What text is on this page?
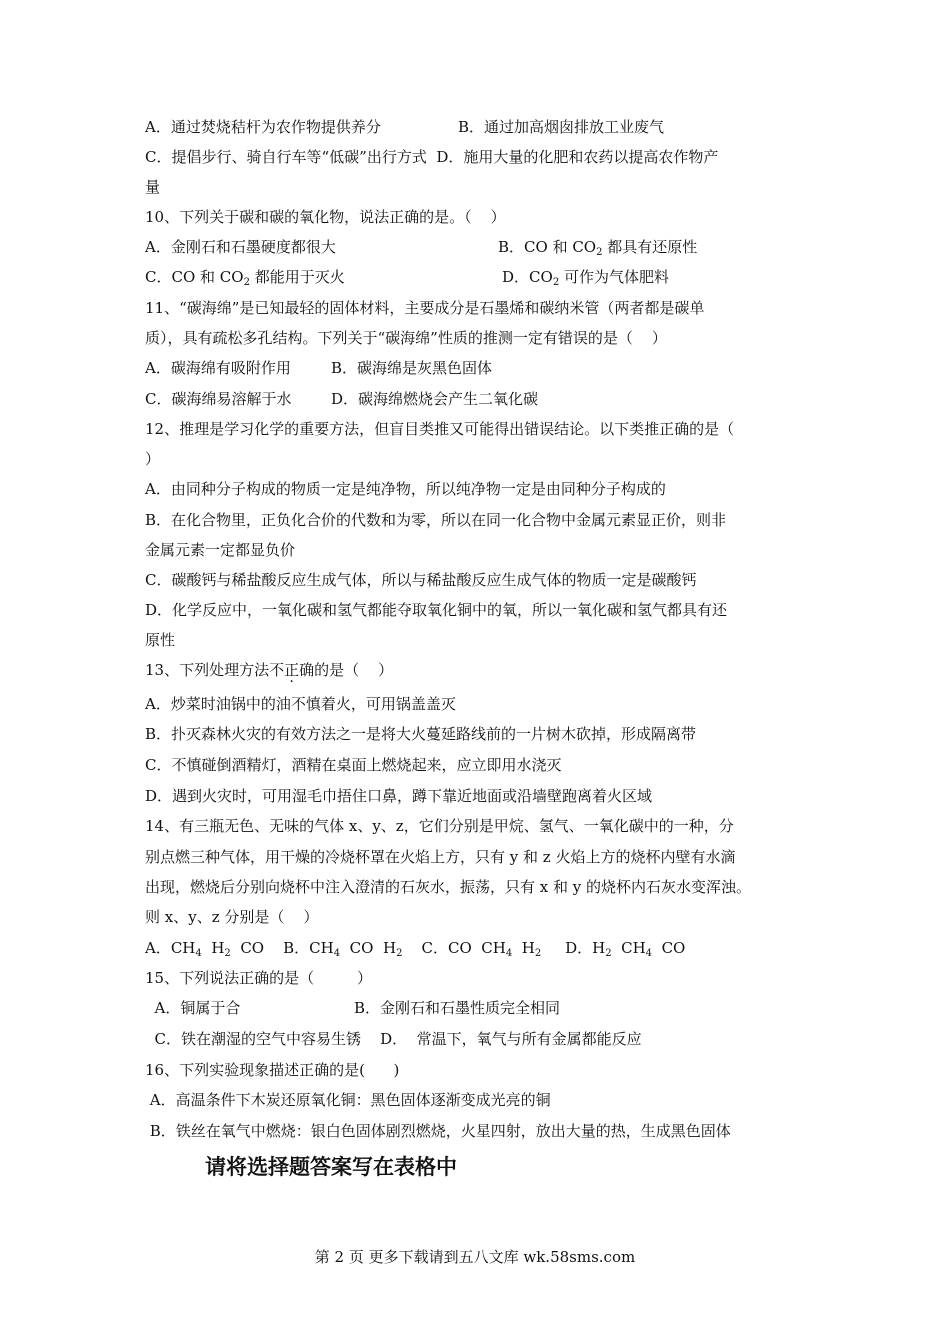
A．通过焚烧秸杆为农作物提供养分	B．通过加高烟囱排放工业废气
C．提倡步行、骑自行车等“低碳”出行方式  D．施用大量的化肥和农药以提高农作物产
量
10、下列关于碳和碳的氧化物，说法正确的是。（    ）
A．金刚石和石墨硬度都很大	B．CO 和 $CO_2$ 都具有还原性
C．CO 和 $CO_2$ 都能用于灭火	D．$CO_2$ 可作为气体肥料
11、“碳海绵”是已知最轻的固体材料，主要成分是石墨烯和碳纳米管（两者都是碳单
质），具有疏松多孔结构。下列关于“碳海绵”性质的推测一定有错误的是（    ）
A．碳海绵有吸附作用	B．碳海绵是灰黑色固体
C．碳海绵易溶解于水	D．碳海绵燃烧会产生二氧化碳
12、推理是学习化学的重要方法，但盲目类推又可能得出错误结论。以下类推正确的是（
）
A．由同种分子构成的物质一定是纯净物，所以纯净物一定是由同种分子构成的
B．在化合物里，正负化合价的代数和为零，所以在同一化合物中金属元素显正价，则非
金属元素一定都显负价
C．碳酸钙与稀盐酸反应生成气体，所以与稀盐酸反应生成气体的物质一定是碳酸钙
D．化学反应中，一氧化碳和氢气都能夺取氧化铜中的氧，所以一氧化碳和氢气都具有还
原性
13、下列处理方法不正确的是（    ）
A．炒菜时油锅中的油不慎着火，可用锅盖盖灭
B．扑灭森林火灾的有效方法之一是将大火蔓延路线前的一片树木砍掉，形成隔离带
C．不慎碰倒酒精灯，酒精在桌面上燃烧起来，应立即用水浇灭
D．遇到火灾时，可用湿毛巾捂住口鼻，蹲下靠近地面或沿墙壁跑离着火区域
14、有三瓶无色、无味的气体 x、y、z，它们分别是甲烷、氢气、一氧化碳中的一种，分
别点燃三种气体，用干燥的冷烧杯罩在火焰上方，只有 y 和 z 火焰上方的烧杯内壁有水滴
出现，燃烧后分别向烧杯中注入澄清的石灰水，振荡，只有 x 和 y 的烧杯内石灰水变浑浊。
则 x、y、z 分别是（    ）
A．$CH_4$  $H_2$  CO    B．$CH_4$  CO  $H_2$    C．CO  $CH_4$  $H_2$     D．$H_2$  $CH_4$  CO
15、下列说法正确的是（         ）
A．铜属于合	B．金刚石和石墨性质完全相同
C．铁在潮湿的空气中容易生锈    D．  常温下，氧气与所有金属都能反应
16、下列实验现象描述正确的是(      )
A．高温条件下木炭还原氧化铜：黑色固体逐渐变成光亮的铜
B．铁丝在氧气中燃烧：银白色固体剧烈燃烧，火星四射，放出大量的热，生成黑色固体
请将选择题答案写在表格中
第 2 页 更多下载请到五八文库 wk.58sms.com
